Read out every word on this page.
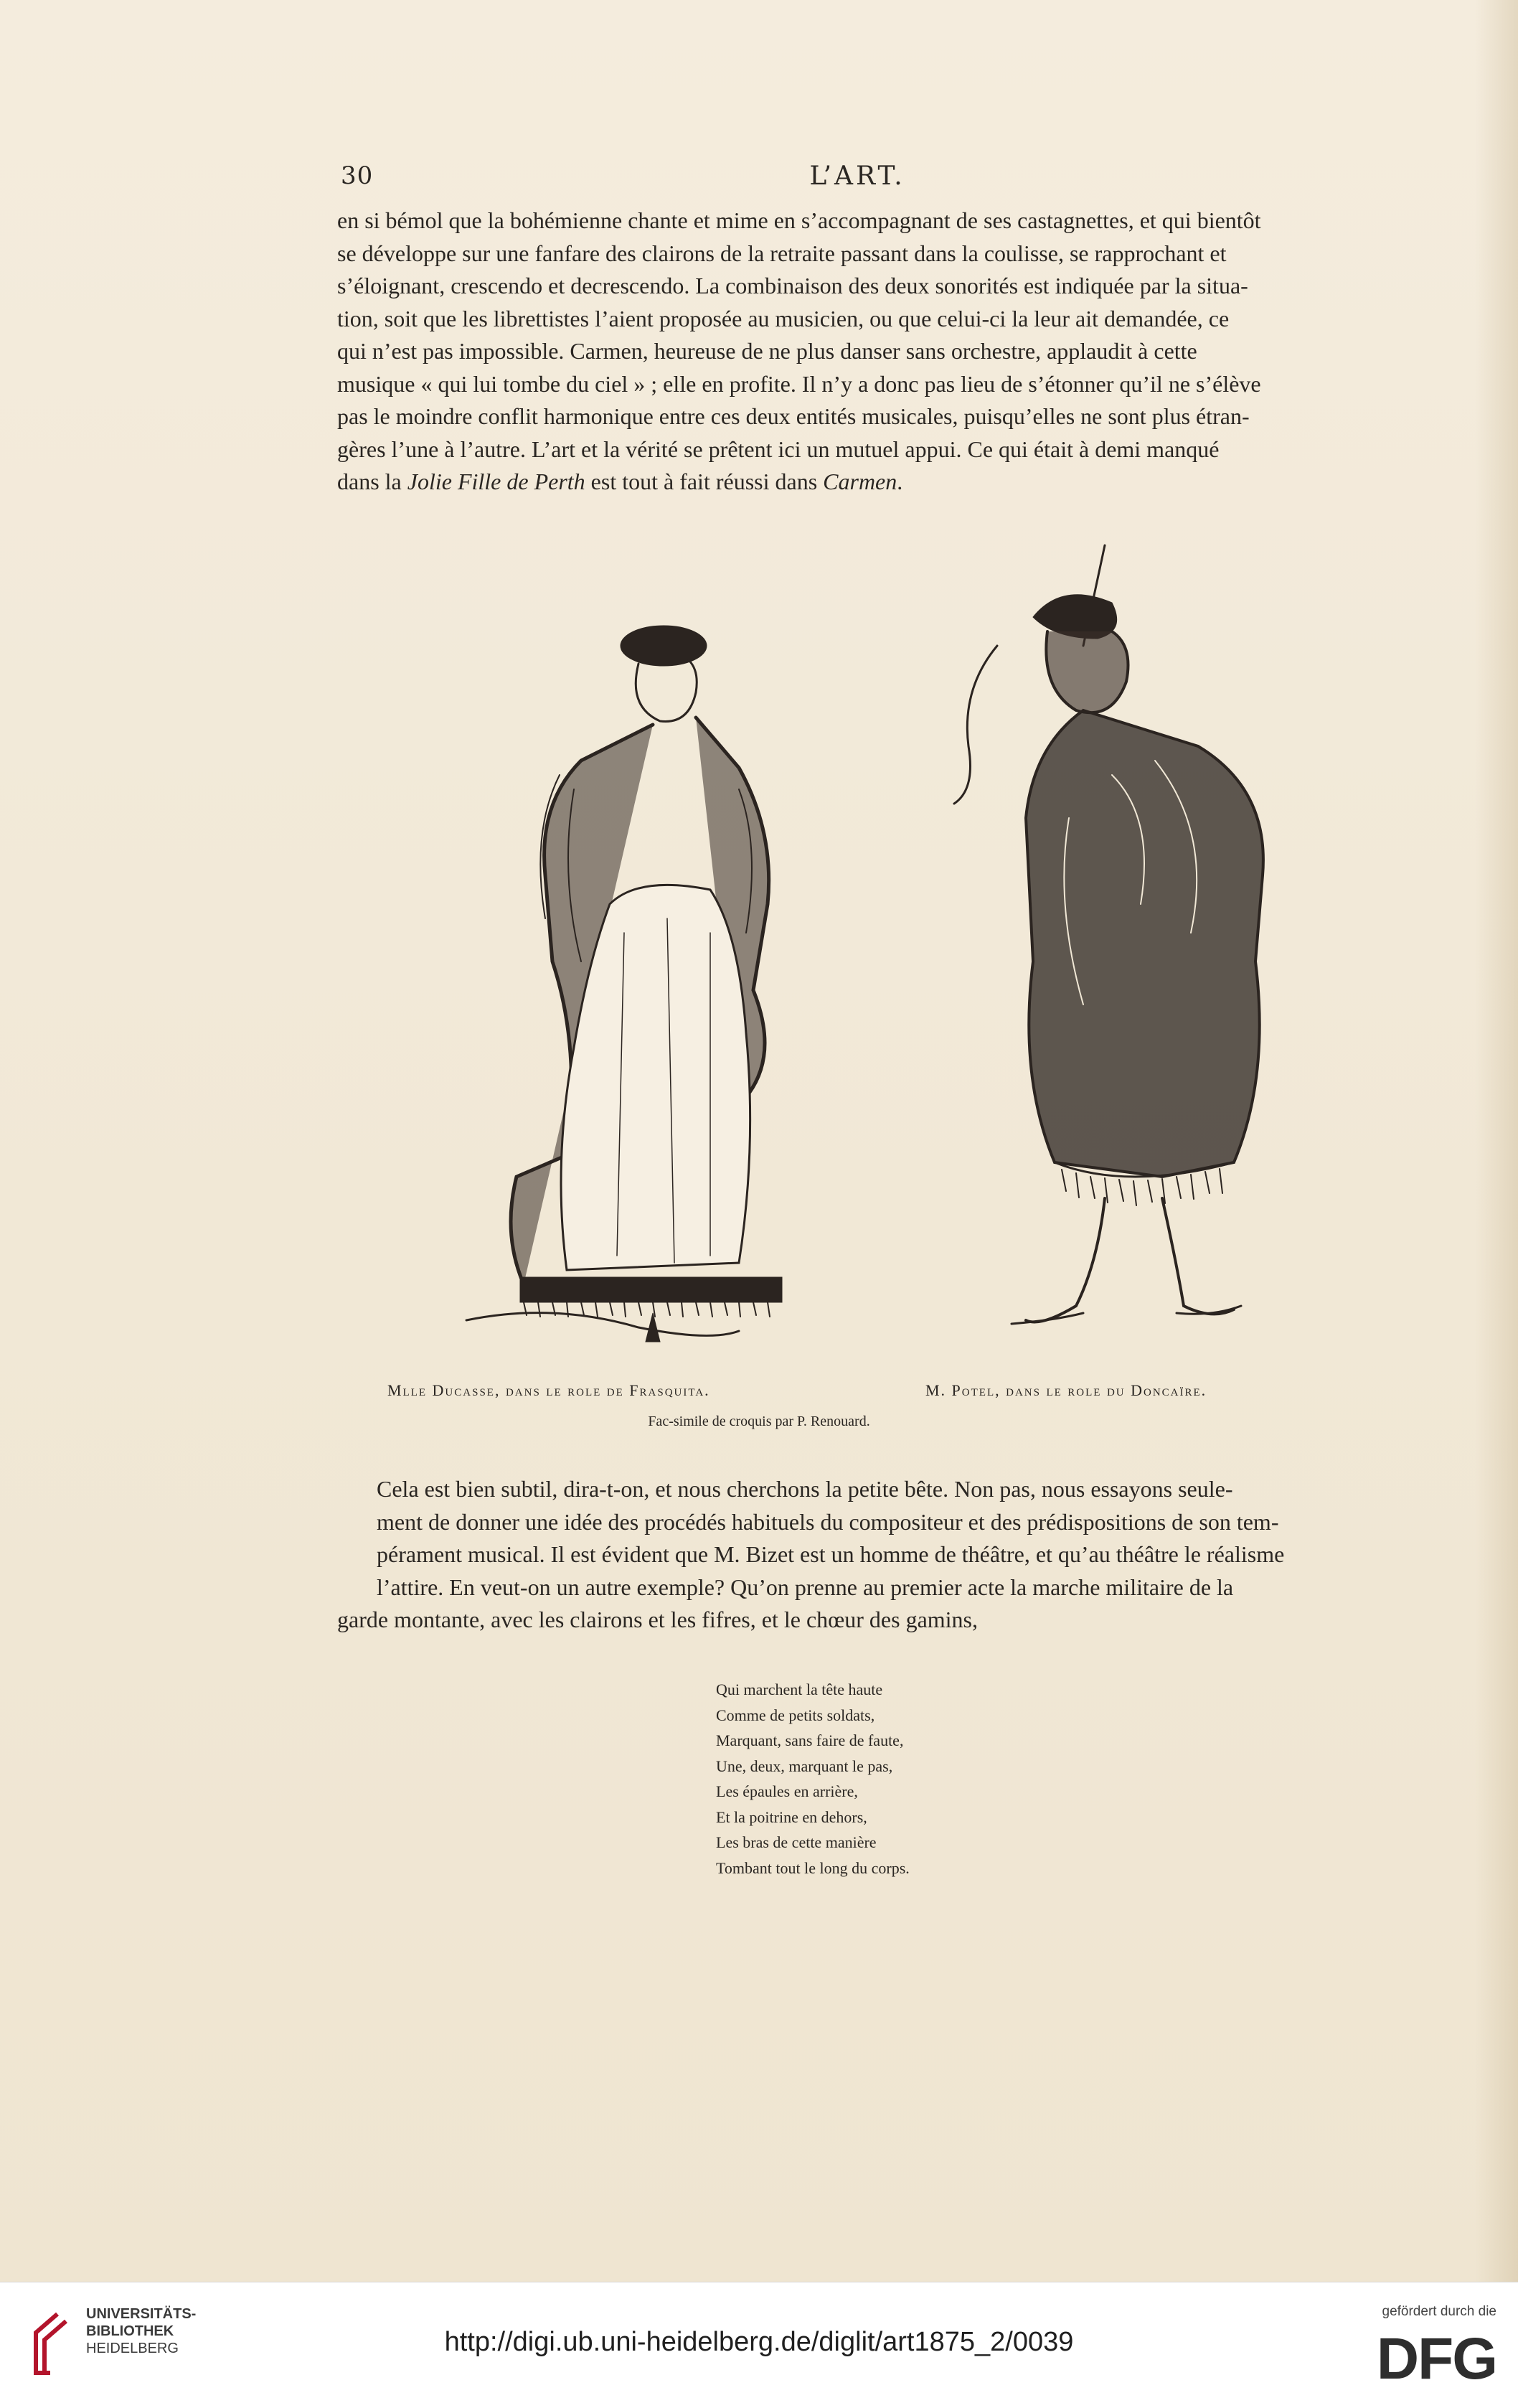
30	L’ART.
en si bémol que la bohémienne chante et mime en s’accompagnant de ses castagnettes, et qui bientôt
se développe sur une fanfare des clairons de la retraite passant dans la coulisse, se rapprochant et
s’éloignant, crescendo et decrescendo. La combinaison des deux sonorités est indiquée par la situa-
tion, soit que les librettistes l’aient proposée au musicien, ou que celui-ci la leur ait demandée, ce
qui n’est pas impossible. Carmen, heureuse de ne plus danser sans orchestre, applaudit à cette
musique « qui lui tombe du ciel » ; elle en profite. Il n’y a donc pas lieu de s’étonner qu’il ne s’élève
pas le moindre conflit harmonique entre ces deux entités musicales, puisqu’elles ne sont plus étran-
gères l’une à l’autre. L’art et la vérité se prêtent ici un mutuel appui. Ce qui était à demi manqué
dans la Jolie Fille de Perth est tout à fait réussi dans Carmen.
Mlle Ducasse, dans le role de Frasquita.	M. Potel, dans le role du Doncaïre.
Fac-simile de croquis par P. Renouard.
Cela est bien subtil, dira-t-on, et nous cherchons la petite bête. Non pas, nous essayons seule-
ment de donner une idée des procédés habituels du compositeur et des prédispositions de son tem-
pérament musical. Il est évident que M. Bizet est un homme de théâtre, et qu’au théâtre le réalisme
l’attire. En veut-on un autre exemple? Qu’on prenne au premier acte la marche militaire de la
garde montante, avec les clairons et les fifres, et le chœur des gamins,
Qui marchent la tête haute
Comme de petits soldats,
Marquant, sans faire de faute,
Une, deux, marquant le pas,
Les épaules en arrière,
Et la poitrine en dehors,
Les bras de cette manière
Tombant tout le long du corps.
UNIVERSITÄTS-
BIBLIOTHEK
HEIDELBERG	http://digi.ub.uni-heidelberg.de/diglit/art1875_2/0039
gefördert durch die
DFG
